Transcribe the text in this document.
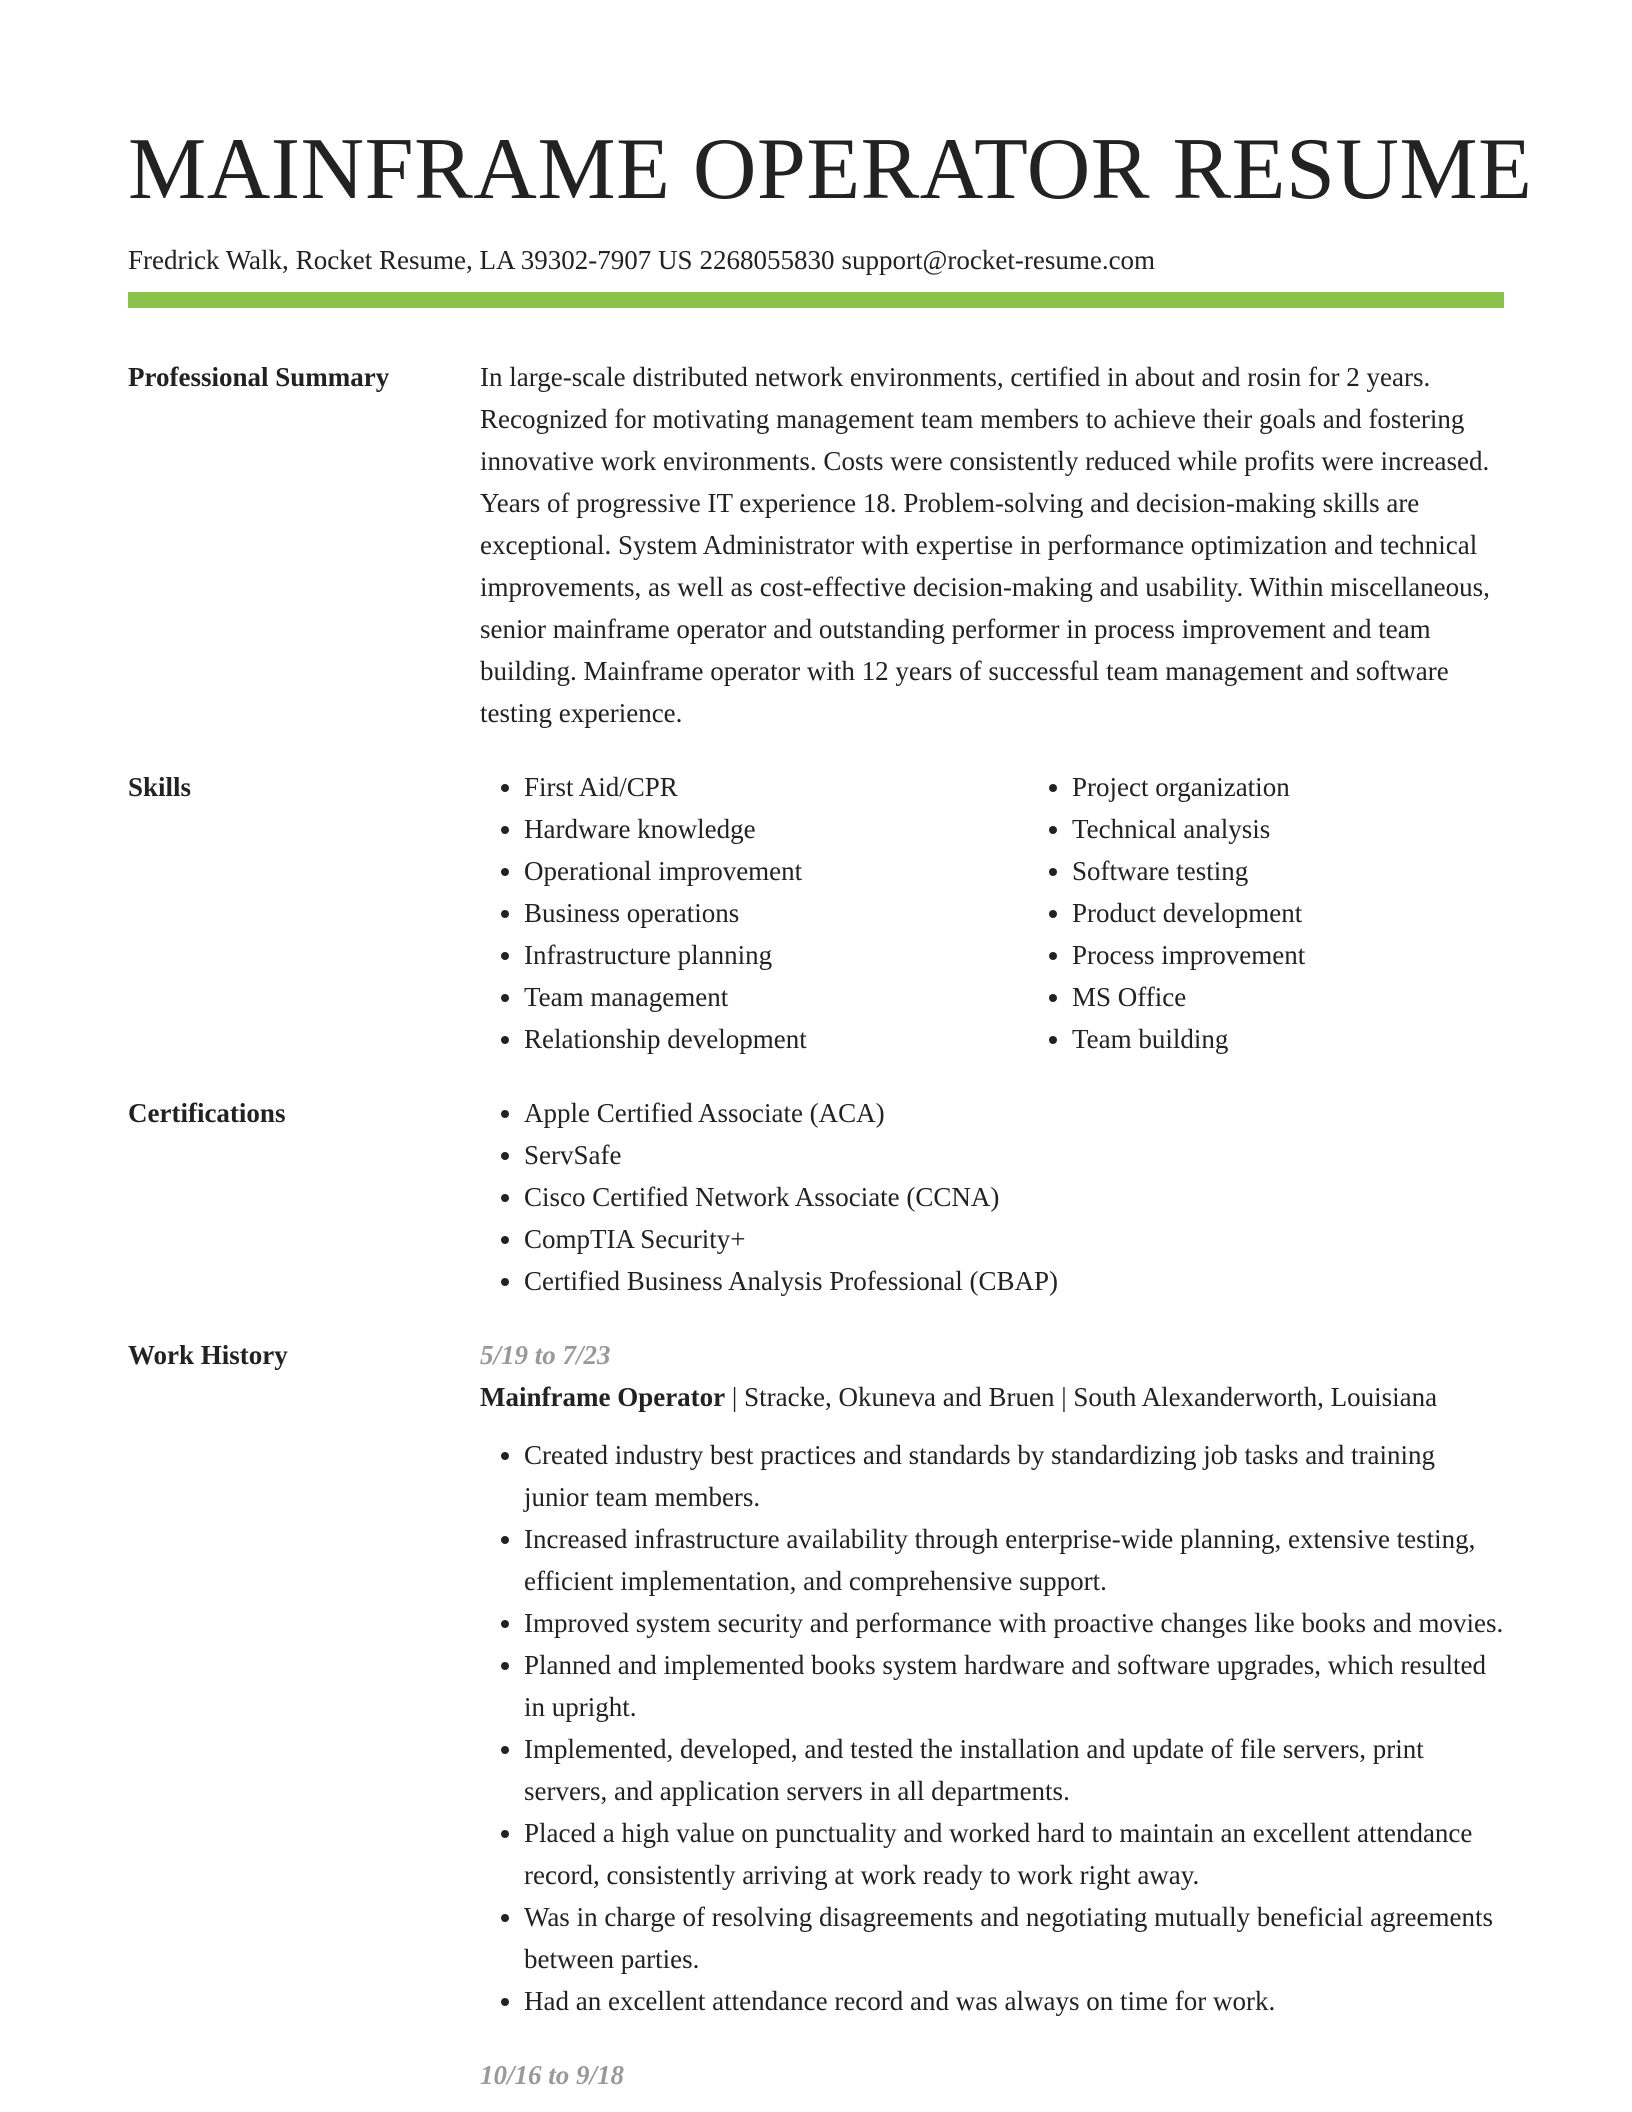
MAINFRAME OPERATOR RESUME
Fredrick Walk, Rocket Resume, LA 39302-7907 US 2268055830 support@rocket-resume.com
Professional Summary	In large-scale distributed network environments, certified in about and rosin for 2 years. Recognized for motivating management team members to achieve their goals and fostering innovative work environments. Costs were consistently reduced while profits were increased. Years of progressive IT experience 18. Problem-solving and decision-making skills are exceptional. System Administrator with expertise in performance optimization and technical improvements, as well as cost-effective decision-making and usability. Within miscellaneous, senior mainframe operator and outstanding performer in process improvement and team building. Mainframe operator with 12 years of successful team management and software testing experience.

Skills	• First Aid/CPR
• Hardware knowledge
• Operational improvement
• Business operations
• Infrastructure planning
• Team management
• Relationship development
• Project organization
• Technical analysis
• Software testing
• Product development
• Process improvement
• MS Office
• Team building
Certifications	• Apple Certified Associate (ACA)
• ServSafe
• Cisco Certified Network Associate (CCNA)
• CompTIA Security+
• Certified Business Analysis Professional (CBAP)
Work History	5/19 to 7/23
Mainframe Operator | Stracke, Okuneva and Bruen | South Alexanderworth, Louisiana
• Created industry best practices and standards by standardizing job tasks and training junior team members.
• Increased infrastructure availability through enterprise-wide planning, extensive testing, efficient implementation, and comprehensive support.
• Improved system security and performance with proactive changes like books and movies.
• Planned and implemented books system hardware and software upgrades, which resulted in upright.
• Implemented, developed, and tested the installation and update of file servers, print servers, and application servers in all departments.
• Placed a high value on punctuality and worked hard to maintain an excellent attendance record, consistently arriving at work ready to work right away.
• Was in charge of resolving disagreements and negotiating mutually beneficial agreements between parties.
• Had an excellent attendance record and was always on time for work.
10/16 to 9/18
